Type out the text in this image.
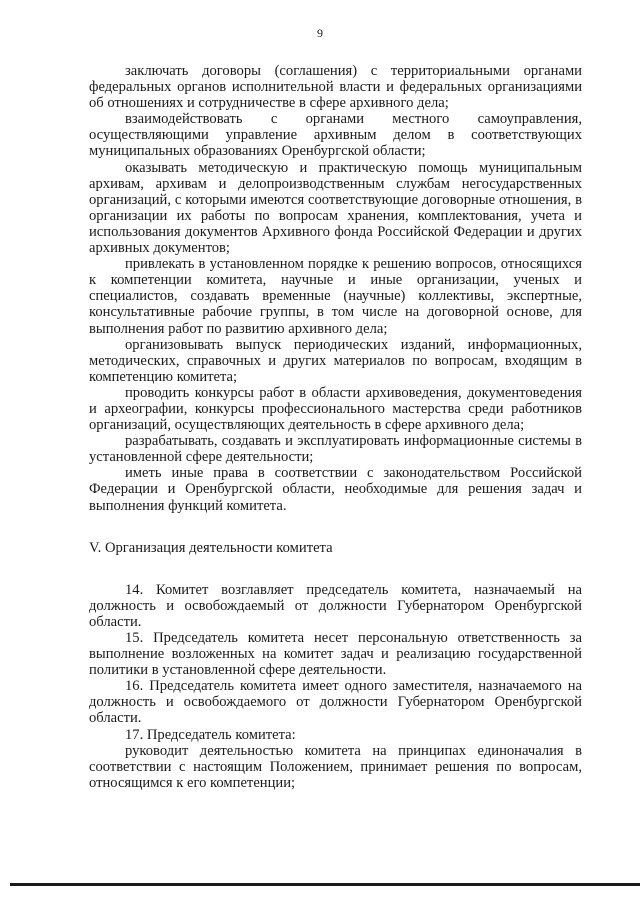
9

заключать договоры (соглашения) с территориальными органами федеральных органов исполнительной власти и федеральных организациями об отношениях и сотрудничестве в сфере архивного дела;

взаимодействовать с органами местного самоуправления, осуществляющими управление архивным делом в соответствующих муниципальных образованиях Оренбургской области;

оказывать методическую и практическую помощь муниципальным архивам, архивам и делопроизводственным службам негосударственных организаций, с которыми имеются соответствующие договорные отношения, в организации их работы по вопросам хранения, комплектования, учета и использования документов Архивного фонда Российской Федерации и других архивных документов;

привлекать в установленном порядке к решению вопросов, относящихся к компетенции комитета, научные и иные организации, ученых и специалистов, создавать временные (научные) коллективы, экспертные, консультативные рабочие группы, в том числе на договорной основе, для выполнения работ по развитию архивного дела;

организовывать выпуск периодических изданий, информационных, методических, справочных и других материалов по вопросам, входящим в компетенцию комитета;

проводить конкурсы работ в области архивоведения, документоведения и археографии, конкурсы профессионального мастерства среди работников организаций, осуществляющих деятельность в сфере архивного дела;

разрабатывать, создавать и эксплуатировать информационные системы в установленной сфере деятельности;

иметь иные права в соответствии с законодательством Российской Федерации и Оренбургской области, необходимые для решения задач и выполнения функций комитета.

V. Организация деятельности комитета

14. Комитет возглавляет председатель комитета, назначаемый на должность и освобождаемый от должности Губернатором Оренбургской области.

15. Председатель комитета несет персональную ответственность за выполнение возложенных на комитет задач и реализацию государственной политики в установленной сфере деятельности.

16. Председатель комитета имеет одного заместителя, назначаемого на должность и освобождаемого от должности Губернатором Оренбургской области.

17. Председатель комитета:

руководит деятельностью комитета на принципах единоначалия в соответствии с настоящим Положением, принимает решения по вопросам, относящимся к его компетенции;
